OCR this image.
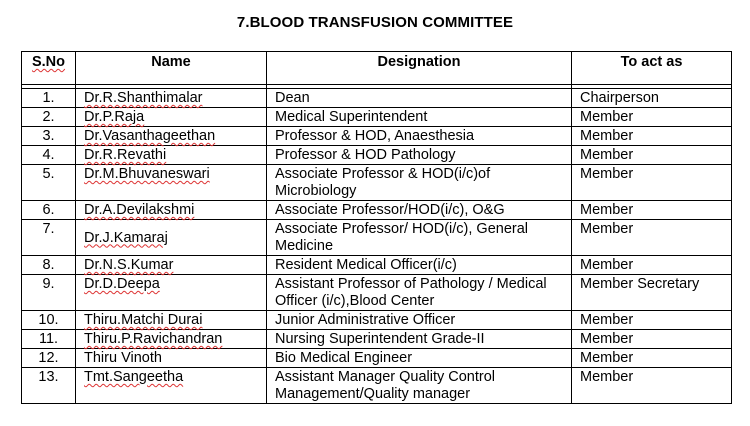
7.BLOOD TRANSFUSION COMMITTEE
S.No	Name	Designation	To act as

1.	Dr.R.Shanthimalar	Dean	Chairperson
2.	Dr.P.Raja	Medical Superintendent	Member
3.	Dr.Vasanthageethan	Professor & HOD, Anaesthesia	Member
4.	Dr.R.Revathi	Professor & HOD Pathology	Member
5.	Dr.M.Bhuvaneswari	Associate Professor & HOD(i/c)of Microbiology	Member
6.	Dr.A.Devilakshmi	Associate Professor/HOD(i/c), O&G	Member
7.	Dr.J.Kamaraj	Associate Professor/ HOD(i/c), General Medicine	Member
8.	Dr.N.S.Kumar	Resident Medical Officer(i/c)	Member
9.	Dr.D.Deepa	Assistant Professor of Pathology / Medical Officer (i/c),Blood Center	Member Secretary
10.	Thiru.Matchi Durai	Junior Administrative Officer	Member
11.	Thiru.P.Ravichandran	Nursing Superintendent Grade-II	Member
12.	Thiru Vinoth	Bio Medical Engineer	Member
13.	Tmt.Sangeetha	Assistant Manager Quality Control Management/Quality manager	Member
